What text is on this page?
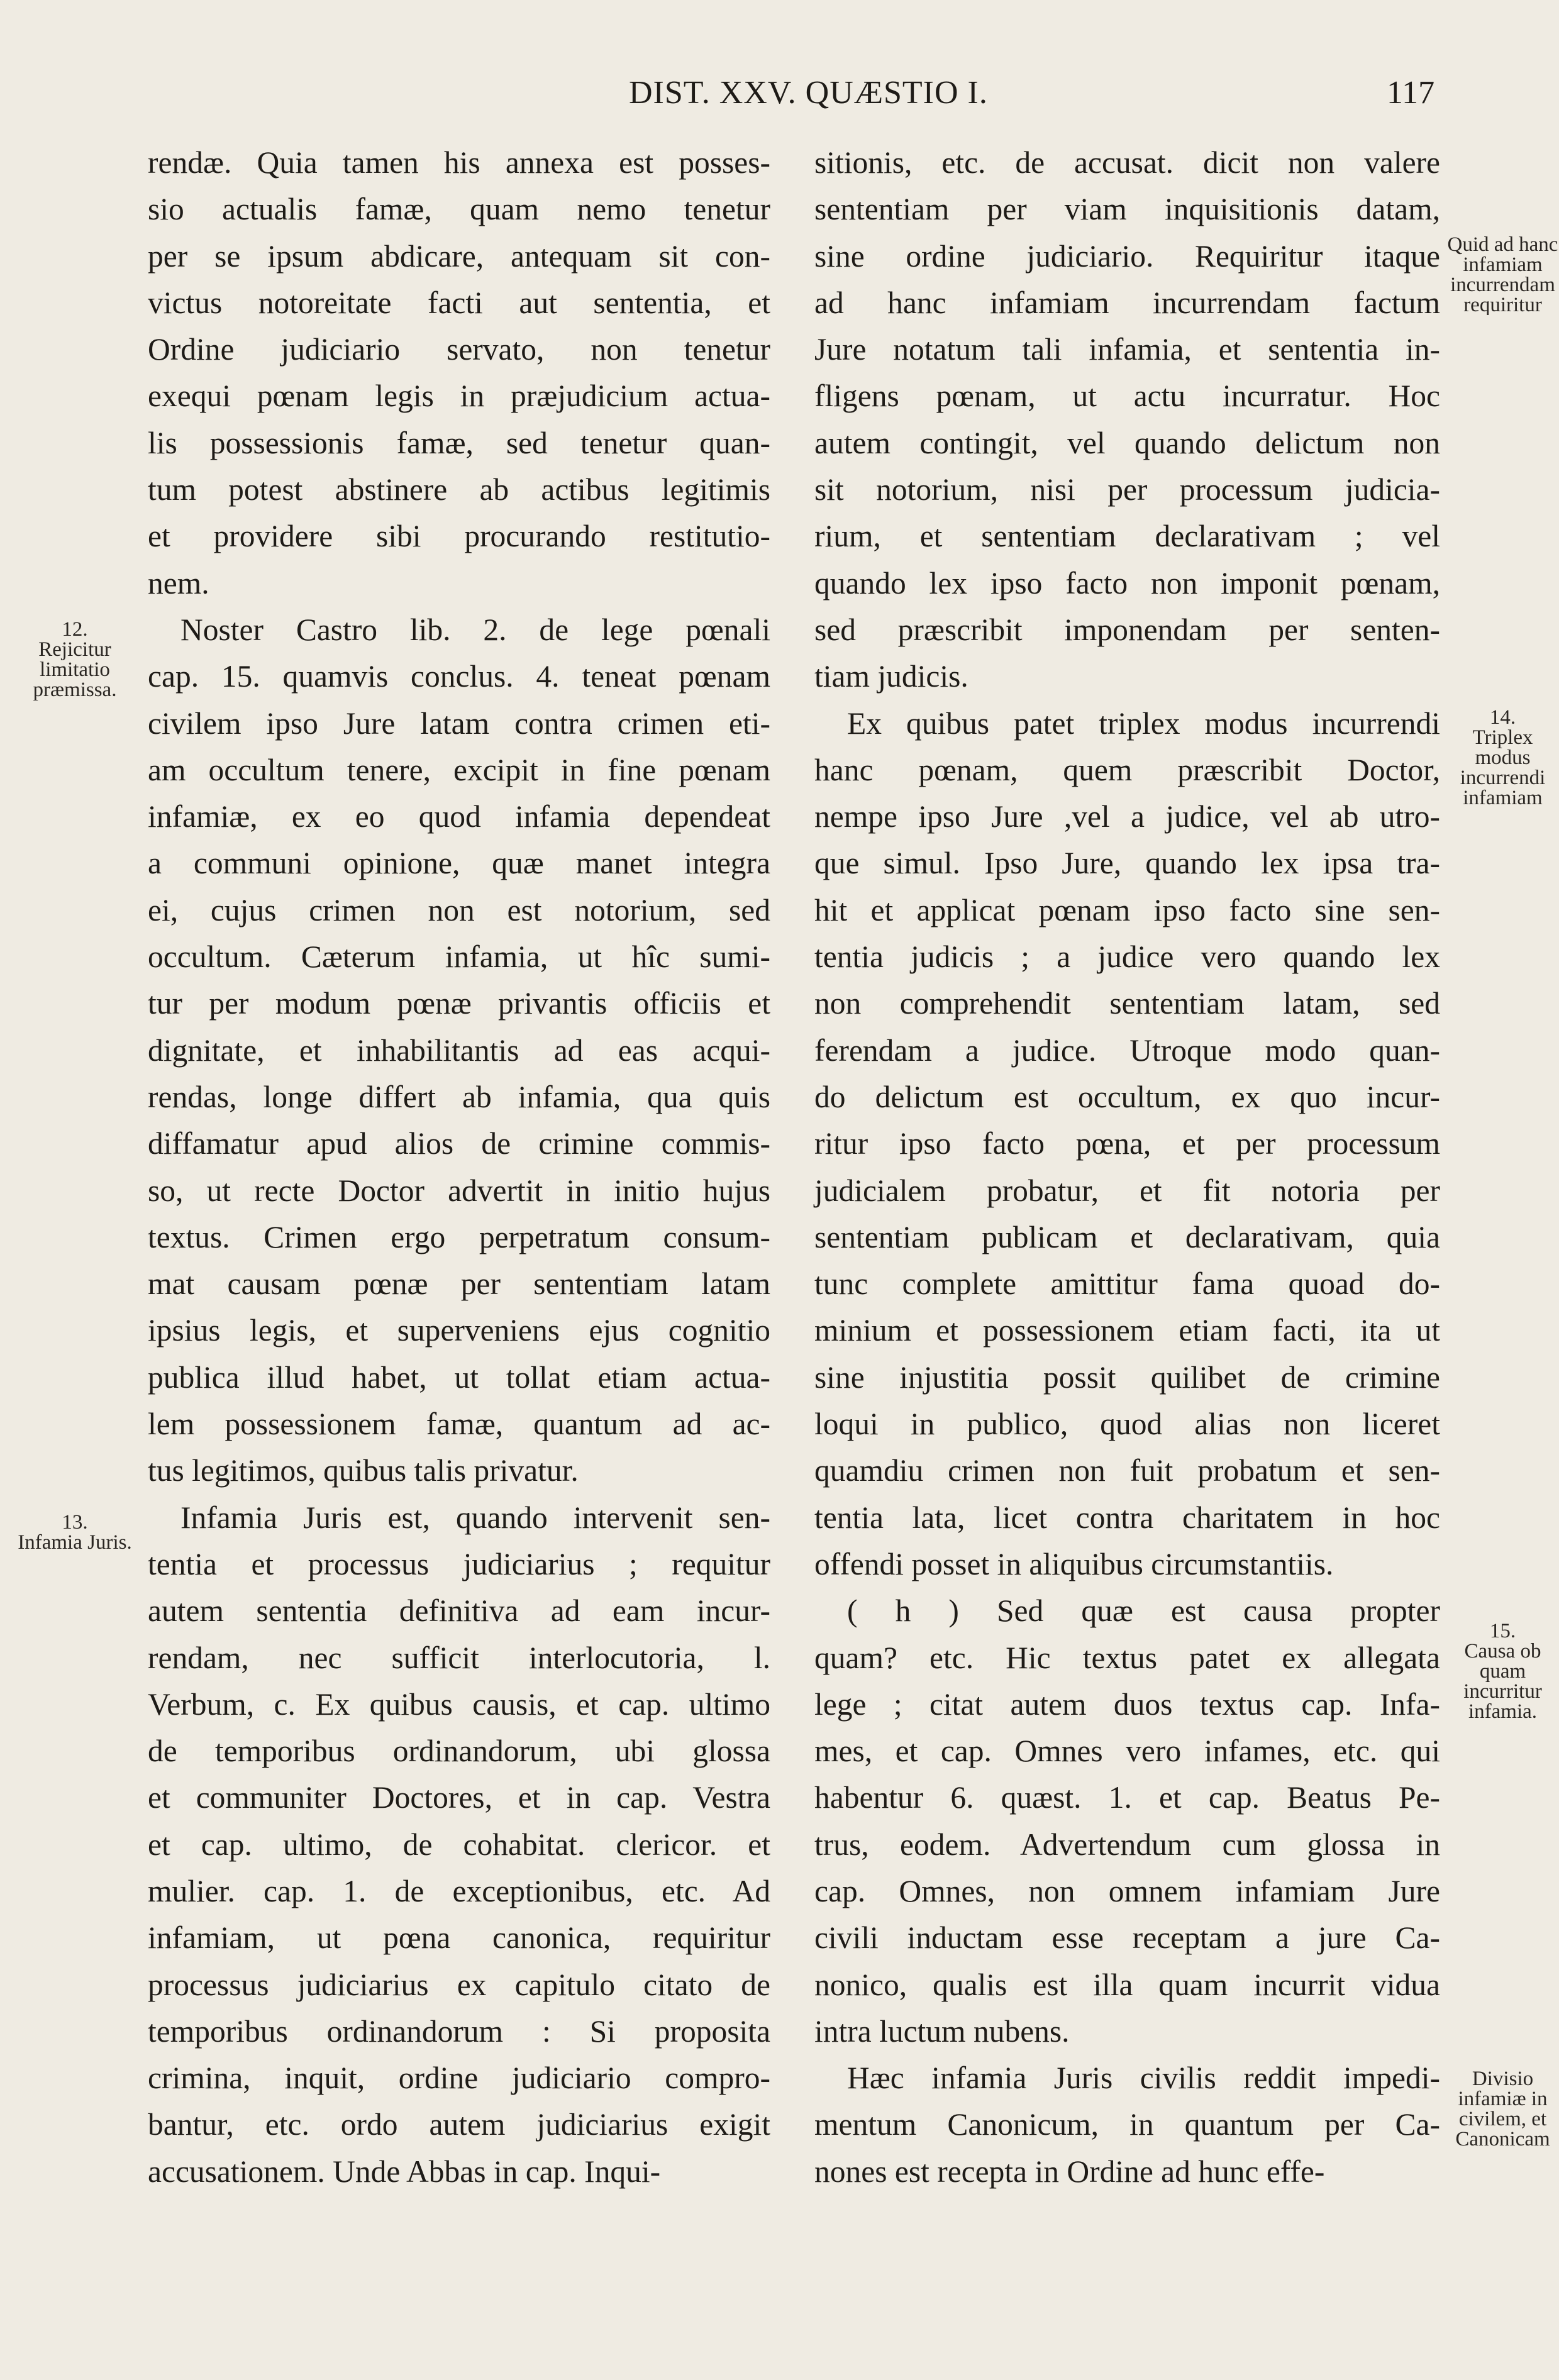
DIST. XXV. QUÆSTIO I.	117
12.
Rejicitur limitatio præmissa.
13.
Infamia Juris.
Quid ad hanc infamiam incurrendam requiritur
14.
Triplex modus incurrendi infamiam
15.
Causa ob quam incurritur infamia.
Divisio infamiæ in civilem, et Canonicam

rendæ. Quia tamen his annexa est posses-
sio actualis famæ, quam nemo tenetur
per se ipsum abdicare, antequam sit con-
victus notoreitate facti aut sententia, et
Ordine judiciario servato, non tenetur
exequi pœnam legis in præjudicium actua-
lis possessionis famæ, sed tenetur quan-
tum potest abstinere ab actibus legitimis
et providere sibi procurando restitutio-
nem.

Noster Castro lib. 2. de lege pœnali
cap. 15. quamvis conclus. 4. teneat pœnam
civilem ipso Jure latam contra crimen eti-
am occultum tenere, excipit in fine pœnam
infamiæ, ex eo quod infamia dependeat
a communi opinione, quæ manet integra
ei, cujus crimen non est notorium, sed
occultum. Cæterum infamia, ut hîc sumi-
tur per modum pœnæ privantis officiis et
dignitate, et inhabilitantis ad eas acqui-
rendas, longe differt ab infamia, qua quis
diffamatur apud alios de crimine commis-
so, ut recte Doctor advertit in initio hujus
textus. Crimen ergo perpetratum consum-
mat causam pœnæ per sententiam latam
ipsius legis, et superveniens ejus cognitio
publica illud habet, ut tollat etiam actua-
lem possessionem famæ, quantum ad ac-
tus legitimos, quibus talis privatur.

Infamia Juris est, quando intervenit sen-
tentia et processus judiciarius ; requitur
autem sententia definitiva ad eam incur-
rendam, nec sufficit interlocutoria, l.
Verbum, c. Ex quibus causis, et cap. ultimo
de temporibus ordinandorum, ubi glossa
et communiter Doctores, et in cap. Vestra
et cap. ultimo, de cohabitat. clericor. et
mulier. cap. 1. de exceptionibus, etc. Ad
infamiam, ut pœna canonica, requiritur
processus judiciarius ex capitulo citato de
temporibus ordinandorum : Si proposita
crimina, inquit, ordine judiciario compro-
bantur, etc. ordo autem judiciarius exigit
accusationem. Unde Abbas in cap. Inqui-

sitionis, etc. de accusat. dicit non valere
sententiam per viam inquisitionis datam,
sine ordine judiciario. Requiritur itaque
ad hanc infamiam incurrendam factum
Jure notatum tali infamia, et sententia in-
fligens pœnam, ut actu incurratur. Hoc
autem contingit, vel quando delictum non
sit notorium, nisi per processum judicia-
rium, et sententiam declarativam ; vel
quando lex ipso facto non imponit pœnam,
sed præscribit imponendam per senten-
tiam judicis.

Ex quibus patet triplex modus incurrendi
hanc pœnam, quem præscribit Doctor,
nempe ipso Jure ,vel a judice, vel ab utro-
que simul. Ipso Jure, quando lex ipsa tra-
hit et applicat pœnam ipso facto sine sen-
tentia judicis ; a judice vero quando lex
non comprehendit sententiam latam, sed
ferendam a judice. Utroque modo quan-
do delictum est occultum, ex quo incur-
ritur ipso facto pœna, et per processum
judicialem probatur, et fit notoria per
sententiam publicam et declarativam, quia
tunc complete amittitur fama quoad do-
minium et possessionem etiam facti, ita ut
sine injustitia possit quilibet de crimine
loqui in publico, quod alias non liceret
quamdiu crimen non fuit probatum et sen-
tentia lata, licet contra charitatem in hoc
offendi posset in aliquibus circumstantiis.

( h ) Sed quæ est causa propter
quam? etc. Hic textus patet ex allegata
lege ; citat autem duos textus cap. Infa-
mes, et cap. Omnes vero infames, etc. qui
habentur 6. quæst. 1. et cap. Beatus Pe-
trus, eodem. Advertendum cum glossa in
cap. Omnes, non omnem infamiam Jure
civili inductam esse receptam a jure Ca-
nonico, qualis est illa quam incurrit vidua
intra luctum nubens.

Hæc infamia Juris civilis reddit impedi-
mentum Canonicum, in quantum per Ca-
nones est recepta in Ordine ad hunc effe-
